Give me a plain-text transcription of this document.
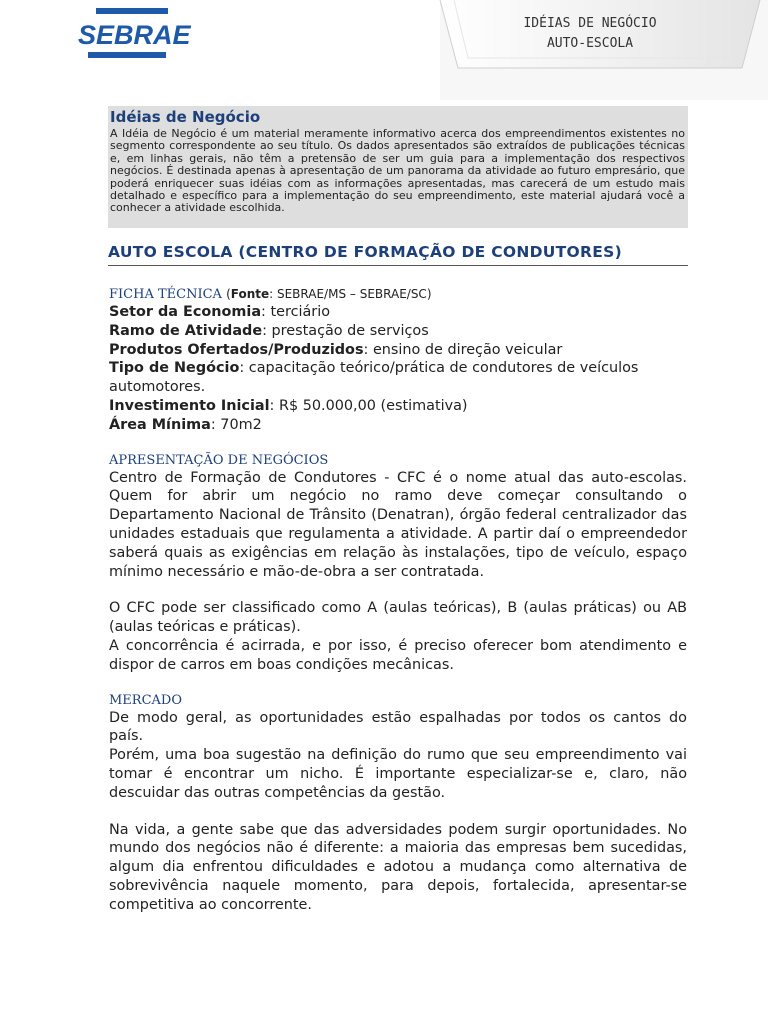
SEBRAE	IDÉIAS DE NEGÓCIO
AUTO-ESCOLA
Idéias de Negócio
A Idéia de Negócio é um material meramente informativo acerca dos empreendimentos existentes no segmento correspondente ao seu título. Os dados apresentados são extraídos de publicações técnicas e, em linhas gerais, não têm a pretensão de ser um guia para a implementação dos respectivos negócios. É destinada apenas à apresentação de um panorama da atividade ao futuro empresário, que poderá enriquecer suas idéias com as informações apresentadas, mas carecerá de um estudo mais detalhado e específico para a implementação do seu empreendimento, este material ajudará você a conhecer a atividade escolhida.
AUTO ESCOLA (CENTRO DE FORMAÇÃO DE CONDUTORES)
FICHA TÉCNICA (Fonte: SEBRAE/MS – SEBRAE/SC)
Setor da Economia: terciário
Ramo de Atividade: prestação de serviços
Produtos Ofertados/Produzidos: ensino de direção veicular
Tipo de Negócio: capacitação teórico/prática de condutores de veículos automotores.
Investimento Inicial: R$ 50.000,00 (estimativa)
Área Mínima: 70m2

APRESENTAÇÃO DE NEGÓCIOS

Centro de Formação de Condutores - CFC é o nome atual das auto-escolas. Quem for abrir um negócio no ramo deve começar consultando o Departamento Nacional de Trânsito (Denatran), órgão federal centralizador das unidades estaduais que regulamenta a atividade. A partir daí o empreendedor saberá quais as exigências em relação às instalações, tipo de veículo, espaço mínimo necessário e mão-de-obra a ser contratada.

O CFC pode ser classificado como A (aulas teóricas), B (aulas práticas) ou AB (aulas teóricas e práticas).

A concorrência é acirrada, e por isso, é preciso oferecer bom atendimento e dispor de carros em boas condições mecânicas.

MERCADO

De modo geral, as oportunidades estão espalhadas por todos os cantos do país.

Porém, uma boa sugestão na definição do rumo que seu empreendimento vai tomar é encontrar um nicho. É importante especializar-se e, claro, não descuidar das outras competências da gestão.

Na vida, a gente sabe que das adversidades podem surgir oportunidades. No mundo dos negócios não é diferente: a maioria das empresas bem sucedidas, algum dia enfrentou dificuldades e adotou a mudança como alternativa de sobrevivência naquele momento, para depois, fortalecida, apresentar-se competitiva ao concorrente.
